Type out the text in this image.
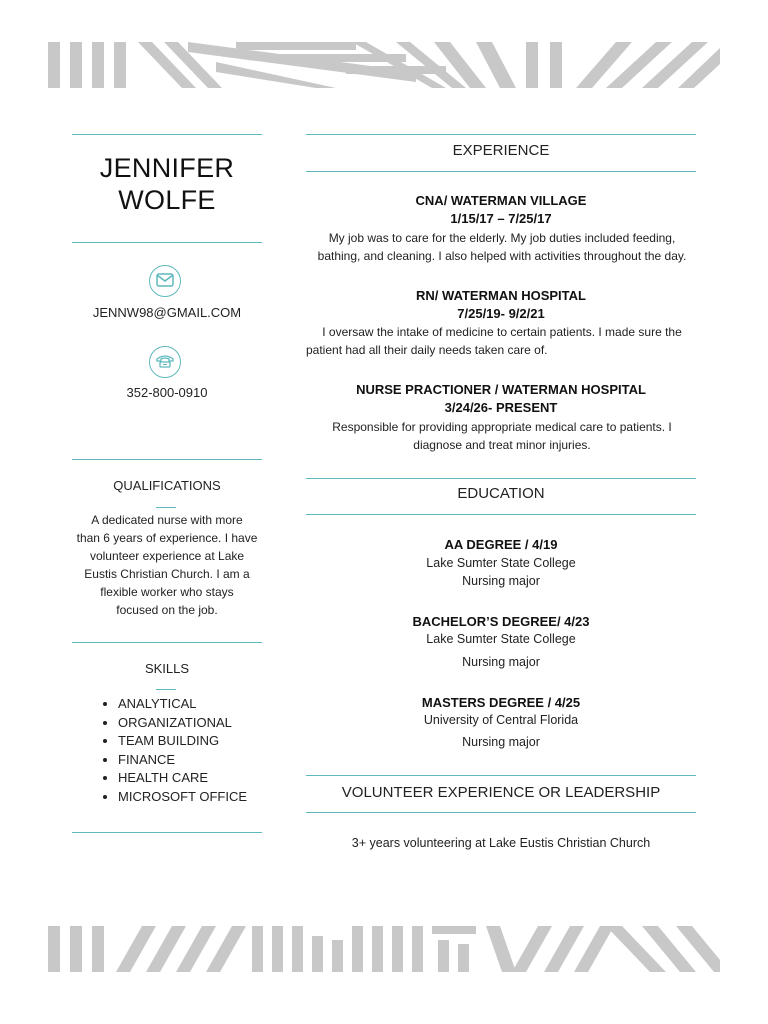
JENNIFER
WOLFE
JENNW98@GMAIL.COM
352-800-0910
QUALIFICATIONS
A dedicated nurse with more
than 6 years of experience. I have
volunteer experience at Lake
Eustis Christian Church. I am a
flexible worker who stays
focused on the job.
SKILLS
• ANALYTICAL
• ORGANIZATIONAL
• TEAM BUILDING
• FINANCE
• HEALTH CARE
• MICROSOFT OFFICE
EXPERIENCE
CNA/ WATERMAN VILLAGE
1/15/17 – 7/25/17
My job was to care for the elderly. My job duties included feeding,
bathing, and cleaning. I also helped with activities throughout the day.
RN/ WATERMAN HOSPITAL
7/25/19- 9/2/21
I oversaw the intake of medicine to certain patients. I made sure the
patient had all their daily needs taken care of.
NURSE PRACTIONER / WATERMAN HOSPITAL
3/24/26- PRESENT
Responsible for providing appropriate medical care to patients. I
diagnose and treat minor injuries.
EDUCATION
AA DEGREE / 4/19
Lake Sumter State College
Nursing major
BACHELOR’S DEGREE/ 4/23
Lake Sumter State College
Nursing major
MASTERS DEGREE / 4/25
University of Central Florida
Nursing major
VOLUNTEER EXPERIENCE OR LEADERSHIP
3+ years volunteering at Lake Eustis Christian Church
